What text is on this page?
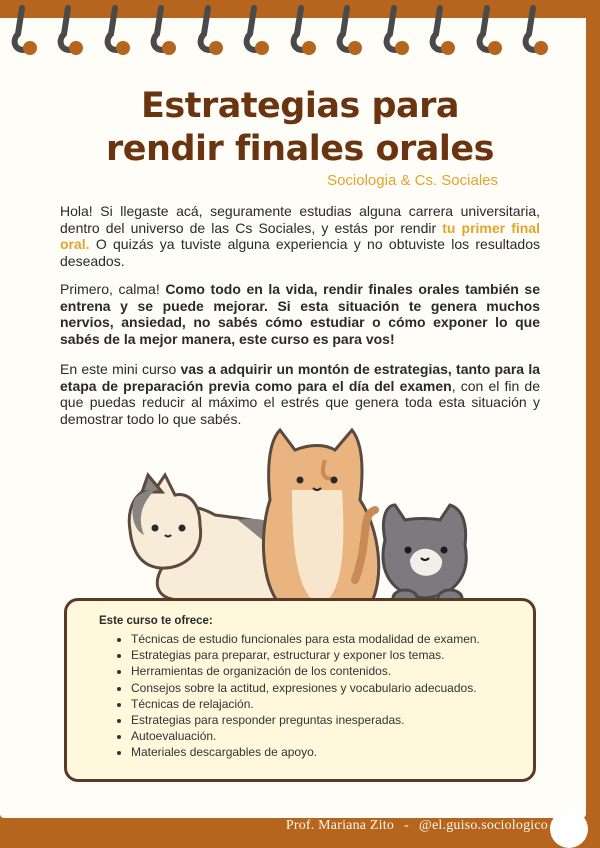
Estrategias para
rendir finales orales
Sociologia & Cs. Sociales

Hola! Si llegaste acá, seguramente estudias alguna carrera universitaria, dentro del universo de las Cs Sociales, y estás por rendir tu primer final oral. O quizás ya tuviste alguna experiencia y no obtuviste los resultados deseados.

Primero, calma! Como todo en la vida, rendir finales orales también se entrena y se puede mejorar. Si esta situación te genera muchos nervios, ansiedad, no sabés cómo estudiar o cómo exponer lo que sabés de la mejor manera, este curso es para vos!

En este mini curso vas a adquirir un montón de estrategias, tanto para la etapa de preparación previa como para el día del examen, con el fin de que puedas reducir al máximo el estrés que genera toda esta situación y demostrar todo lo que sabés.

Este curso te ofrece:
• Técnicas de estudio funcionales para esta modalidad de examen.
• Estrategias para preparar, estructurar y exponer los temas.
• Herramientas de organización de los contenidos.
• Consejos sobre la actitud, expresiones y vocabulario adecuados.
• Técnicas de relajación.
• Estrategias para responder preguntas inesperadas.
• Autoevaluación.
• Materiales descargables de apoyo.
Prof. Mariana Zito - @el.guiso.sociologico
